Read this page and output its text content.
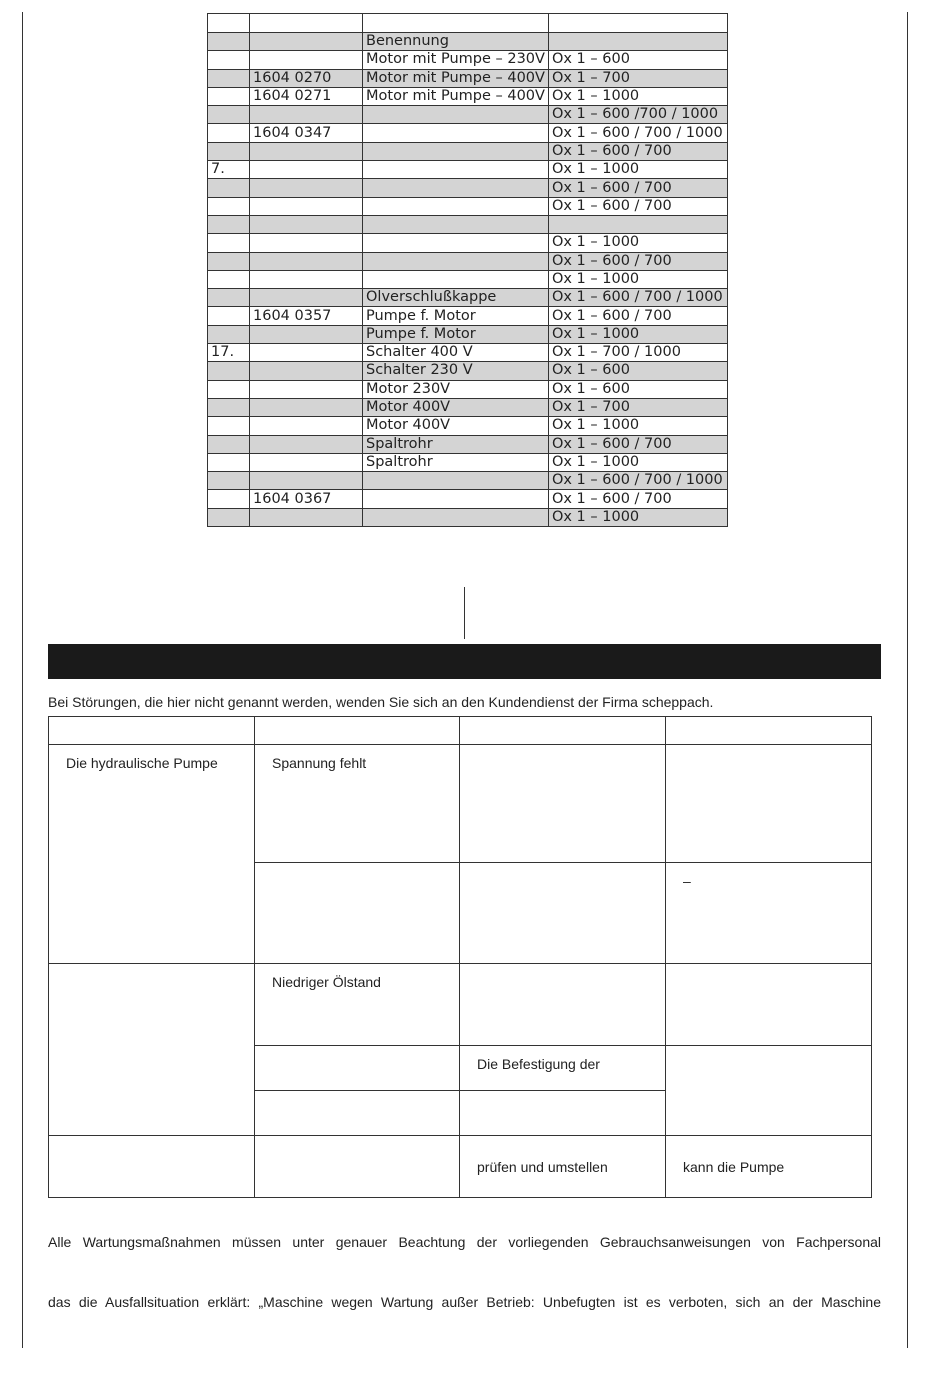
		Benennung	
		Motor mit Pumpe – 230V	Ox 1 – 600
	1604 0270	Motor mit Pumpe – 400V	Ox 1 – 700
	1604 0271	Motor mit Pumpe – 400V	Ox 1 – 1000
			Ox 1 – 600 /700 / 1000
	1604 0347		Ox 1 – 600 / 700 / 1000
			Ox 1 – 600 / 700
7.			Ox 1 – 1000
			Ox 1 – 600 / 700
			Ox 1 – 600 / 700

			Ox 1 – 1000
			Ox 1 – 600 / 700
			Ox 1 – 1000
		Ölverschlußkappe	Ox 1 – 600 / 700 / 1000
	1604 0357	Pumpe f. Motor	Ox 1 – 600 / 700
		Pumpe f. Motor	Ox 1 – 1000
17.		Schalter 400 V	Ox 1 – 700 / 1000
		Schalter 230 V	Ox 1 – 600
		Motor 230V	Ox 1 – 600
		Motor 400V	Ox 1 – 700
		Motor 400V	Ox 1 – 1000
		Spaltrohr	Ox 1 – 600 / 700
		Spaltrohr	Ox 1 – 1000
			Ox 1 – 600 / 700 / 1000
	1604 0367		Ox 1 – 600 / 700
			Ox 1 – 1000
Bei Störungen, die hier nicht genannt werden, wenden Sie sich an den Kundendienst der Firma scheppach.

Die hydraulische Pumpe	Spannung fehlt		
			–
	Niedriger Ölstand		
		Die Befestigung der	

		prüfen und umstellen	kann die Pumpe
Alle Wartungsmaßnahmen müssen unter genauer Beachtung der vorliegenden Gebrauchsanweisungen von Fachpersonal
das die Ausfallsituation erklärt: „Maschine wegen Wartung außer Betrieb: Unbefugten ist es verboten, sich an der Maschine
